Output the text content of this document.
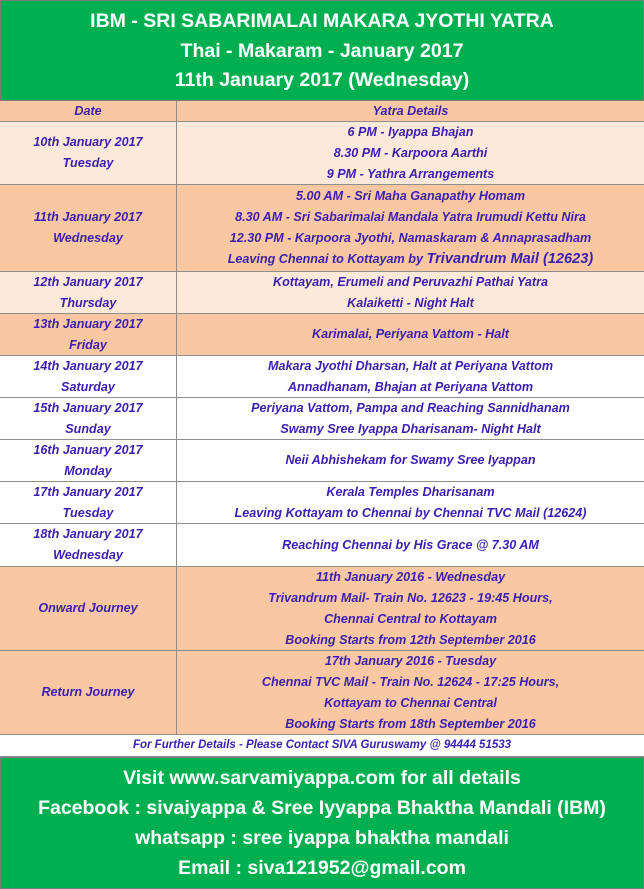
IBM - SRI SABARIMALAI MAKARA JYOTHI YATRA
Thai - Makaram - January 2017
11th January 2017 (Wednesday)
Date	Yatra Details
10th January 2017
Tuesday
6 PM - Iyappa Bhajan
8.30 PM - Karpoora Aarthi
9 PM - Yathra Arrangements
11th January 2017
Wednesday
5.00 AM - Sri Maha Ganapathy Homam
8.30 AM - Sri Sabarimalai Mandala Yatra Irumudi Kettu Nira
12.30 PM - Karpoora Jyothi, Namaskaram & Annaprasadham
Leaving Chennai to Kottayam by Trivandrum Mail (12623)
12th January 2017
Thursday
Kottayam, Erumeli and Peruvazhi Pathai Yatra
Kalaiketti - Night Halt
13th January 2017
Friday
Karimalai, Periyana Vattom - Halt
14th January 2017
Saturday
Makara Jyothi Dharsan, Halt at Periyana Vattom
Annadhanam, Bhajan at Periyana Vattom
15th January 2017
Sunday
Periyana Vattom, Pampa and Reaching Sannidhanam
Swamy Sree Iyappa Dharisanam- Night Halt
16th January 2017
Monday
Neii Abhishekam for Swamy Sree Iyappan
17th January 2017
Tuesday
Kerala Temples Dharisanam
Leaving Kottayam to Chennai by Chennai TVC Mail (12624)
18th January 2017
Wednesday
Reaching Chennai by His Grace @ 7.30 AM
Onward Journey
11th January 2016 - Wednesday
Trivandrum Mail- Train No. 12623 - 19:45 Hours,
Chennai Central to Kottayam
Booking Starts from 12th September 2016
Return Journey
17th January 2016 - Tuesday
Chennai TVC Mail - Train No. 12624 - 17:25 Hours,
Kottayam to Chennai Central
Booking Starts from 18th September 2016
For Further Details - Please Contact SIVA Guruswamy @ 94444 51533
Visit www.sarvamiyappa.com for all details
Facebook : sivaiyappa & Sree Iyyappa Bhaktha Mandali (IBM)
whatsapp : sree iyappa bhaktha mandali
Email : siva121952@gmail.com
